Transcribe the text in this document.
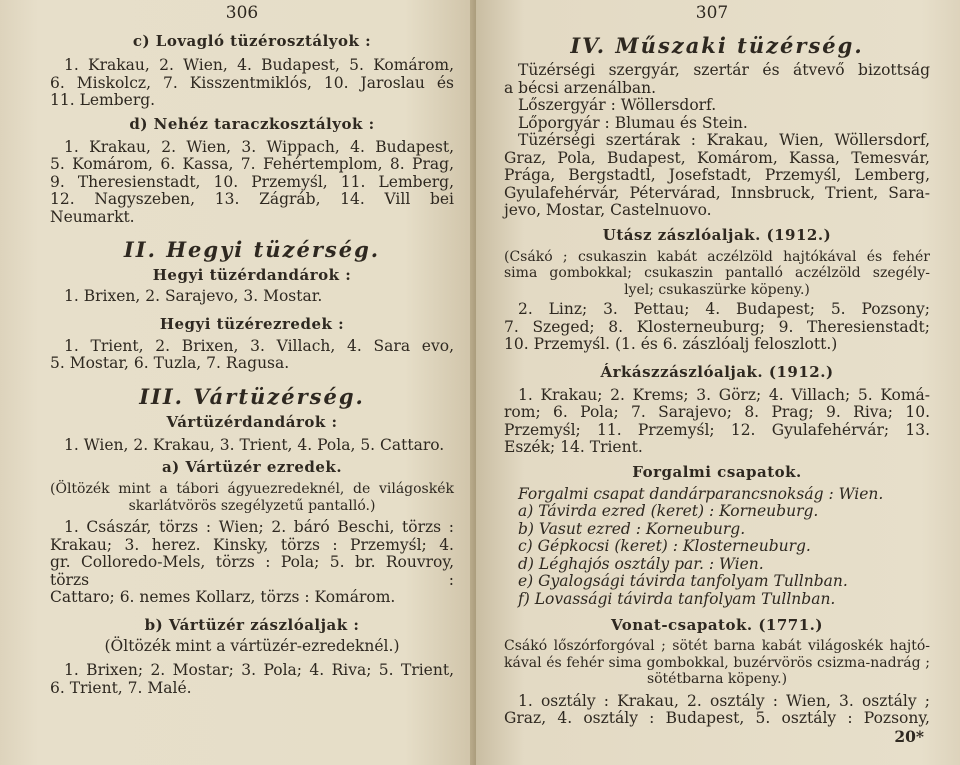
306
c) Lovagló tüzérosztályok :
1. Krakau, 2. Wien, 4. Budapest, 5. Komárom,
6. Miskolcz, 7. Kisszentmiklós, 10. Jaroslau és
11. Lemberg.
d) Nehéz taraczkosztályok :
1. Krakau, 2. Wien, 3. Wippach, 4. Budapest,
5. Komárom, 6. Kassa, 7. Fehértemplom, 8. Prag,
9. Theresienstadt, 10. Przemyśl, 11. Lemberg,
12. Nagyszeben, 13. Zágráb, 14. Vill bei Neumarkt.
II. Hegyi tüzérség.
Hegyi tüzérdandárok :
1. Brixen, 2. Sarajevo, 3. Mostar.
Hegyi tüzérezredek :
1. Trient, 2. Brixen, 3. Villach, 4. Sara evo,
5. Mostar, 6. Tuzla, 7. Ragusa.
III. Vártüzérség.
Vártüzérdandárok :
1. Wien, 2. Krakau, 3. Trient, 4. Pola, 5. Cattaro.
a) Vártüzér ezredek.
(Öltözék mint a tábori ágyuezredeknél, de világoskék
skarlátvörös szegélyzetű pantalló.)
1. Császár, törzs : Wien; 2. báró Beschi, törzs :
Krakau; 3. herez. Kinsky, törzs : Przemyśl; 4.
gr. Colloredo-Mels, törzs : Pola; 5. br. Rouvroy, törzs :
Cattaro; 6. nemes Kollarz, törzs : Komárom.
b) Vártüzér zászlóaljak :
(Öltözék mint a vártüzér-ezredeknél.)
1. Brixen; 2. Mostar; 3. Pola; 4. Riva; 5. Trient,
6. Trient, 7. Malé.
307
IV. Műszaki tüzérség.
Tüzérségi szergyár, szertár és átvevő bizottság
a bécsi arzenálban.
Lőszergyár : Wöllersdorf.
Lőporgyár : Blumau és Stein.
Tüzérségi szertárak : Krakau, Wien, Wöllersdorf,
Graz, Pola, Budapest, Komárom, Kassa, Temesvár,
Prága, Bergstadtl, Josefstadt, Przemyśl, Lemberg,
Gyulafehérvár, Pétervárad, Innsbruck, Trient, Sara-
jevo, Mostar, Castelnuovo.
Utász zászlóaljak. (1912.)
(Csákó ; csukaszin kabát aczélzöld hajtókával és fehér
sima gombokkal; csukaszin pantalló aczélzöld szegély-
lyel; csukaszürke köpeny.)
2. Linz; 3. Pettau; 4. Budapest; 5. Pozsony;
7. Szeged; 8. Klosterneuburg; 9. Theresienstadt;
10. Przemyśl. (1. és 6. zászlóalj feloszlott.)
Árkászzászlóaljak. (1912.)
1. Krakau; 2. Krems; 3. Görz; 4. Villach; 5. Komá-
rom; 6. Pola; 7. Sarajevo; 8. Prag; 9. Riva; 10.
Przemyśl; 11. Przemyśl; 12. Gyulafehérvár; 13.
Eszék; 14. Trient.
Forgalmi csapatok.
Forgalmi csapat dandárparancsnokság : Wien.
a) Távirda ezred (keret) : Korneuburg.
b) Vasut ezred : Korneuburg.
c) Gépkocsi (keret) : Klosterneuburg.
d) Léghajós osztály par. : Wien.
e) Gyalogsági távirda tanfolyam Tullnban.
f) Lovassági távirda tanfolyam Tullnban.
Vonat-csapatok. (1771.)
Csákó lőszórforgóval ; sötét barna kabát világoskék hajtó-
kával és fehér sima gombokkal, buzérvörös csizma-nadrág ;
sötétbarna köpeny.)
1. osztály : Krakau, 2. osztály : Wien, 3. osztály ;
Graz, 4. osztály : Budapest, 5. osztály : Pozsony,
20*
